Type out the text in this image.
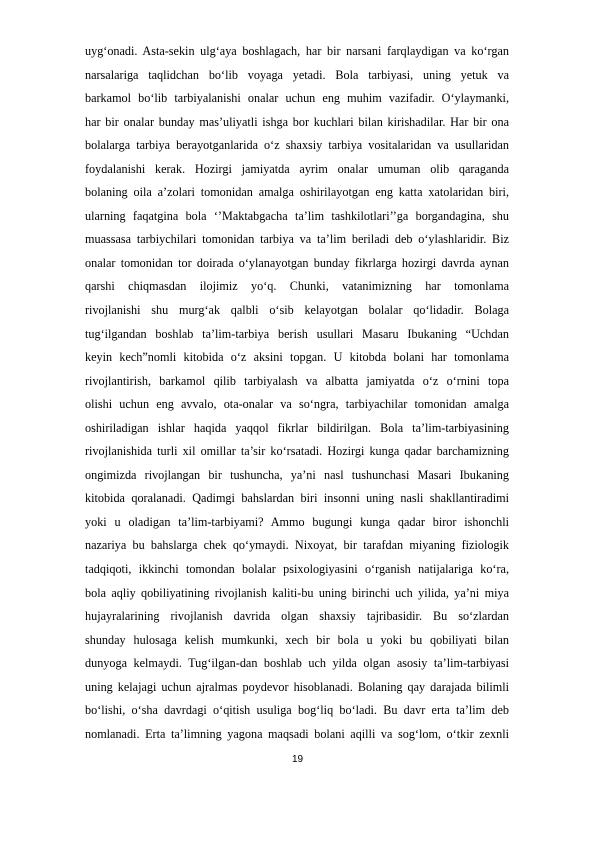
uyg‘onadi. Asta-sekin ulg‘aya boshlagach, har bir narsani farqlaydigan va ko‘rgan
narsalariga taqlidchan bo‘lib voyaga yetadi. Bola tarbiyasi, uning yetuk va
barkamol bo‘lib tarbiyalanishi onalar uchun eng muhim vazifadir. O‘ylaymanki,
har bir onalar bunday mas’uliyatli ishga bor kuchlari bilan kirishadilar. Har bir ona
bolalarga tarbiya berayotganlarida o‘z shaxsiy tarbiya vositalaridan va usullaridan
foydalanishi kerak. Hozirgi jamiyatda ayrim onalar umuman olib qaraganda
bolaning oila a’zolari tomonidan amalga oshirilayotgan eng katta xatolaridan biri,
ularning faqatgina bola ‘’Maktabgacha ta’lim tashkilotlari’’ga borgandagina, shu
muassasa tarbiychilari tomonidan tarbiya va ta’lim beriladi deb o‘ylashlaridir. Biz
onalar tomonidan tor doirada o‘ylanayotgan bunday fikrlarga hozirgi davrda aynan
qarshi chiqmasdan ilojimiz yo‘q. Chunki, vatanimizning har tomonlama
rivojlanishi shu murg‘ak qalbli o‘sib kelayotgan bolalar qo‘lidadir. Bolaga
tug‘ilgandan boshlab ta’lim-tarbiya berish usullari Masaru Ibukaning “Uchdan
keyin kech”nomli kitobida o‘z aksini topgan. U kitobda bolani har tomonlama
rivojlantirish, barkamol qilib tarbiyalash va albatta jamiyatda o‘z o‘rnini topa
olishi uchun eng avvalo, ota-onalar va so‘ngra, tarbiyachilar tomonidan amalga
oshiriladigan ishlar haqida yaqqol fikrlar bildirilgan. Bola ta’lim-tarbiyasining
rivojlanishida turli xil omillar ta’sir ko‘rsatadi. Hozirgi kunga qadar barchamizning
ongimizda rivojlangan bir tushuncha, ya’ni nasl tushunchasi Masari Ibukaning
kitobida qoralanadi. Qadimgi bahslardan biri insonni uning nasli shakllantiradimi
yoki u oladigan ta’lim-tarbiyami? Ammo bugungi kunga qadar biror ishonchli
nazariya bu bahslarga chek qo‘ymaydi. Nixoyat, bir tarafdan miyaning fiziologik
tadqiqoti, ikkinchi tomondan bolalar psixologiyasini o‘rganish natijalariga ko‘ra,
bola aqliy qobiliyatining rivojlanish kaliti-bu uning birinchi uch yilida, ya’ni miya
hujayralarining rivojlanish davrida olgan shaxsiy tajribasidir. Bu so‘zlardan
shunday hulosaga kelish mumkunki, xech bir bola u yoki bu qobiliyati bilan
dunyoga kelmaydi. Tug‘ilgan-dan boshlab uch yilda olgan asosiy ta’lim-tarbiyasi
uning kelajagi uchun ajralmas poydevor hisoblanadi. Bolaning qay darajada bilimli
bo‘lishi, o‘sha davrdagi o‘qitish usuliga bog‘liq bo‘ladi. Bu davr erta ta’lim deb
nomlanadi. Erta ta’limning yagona maqsadi bolani aqilli va sog‘lom, o‘tkir zexnli
19
